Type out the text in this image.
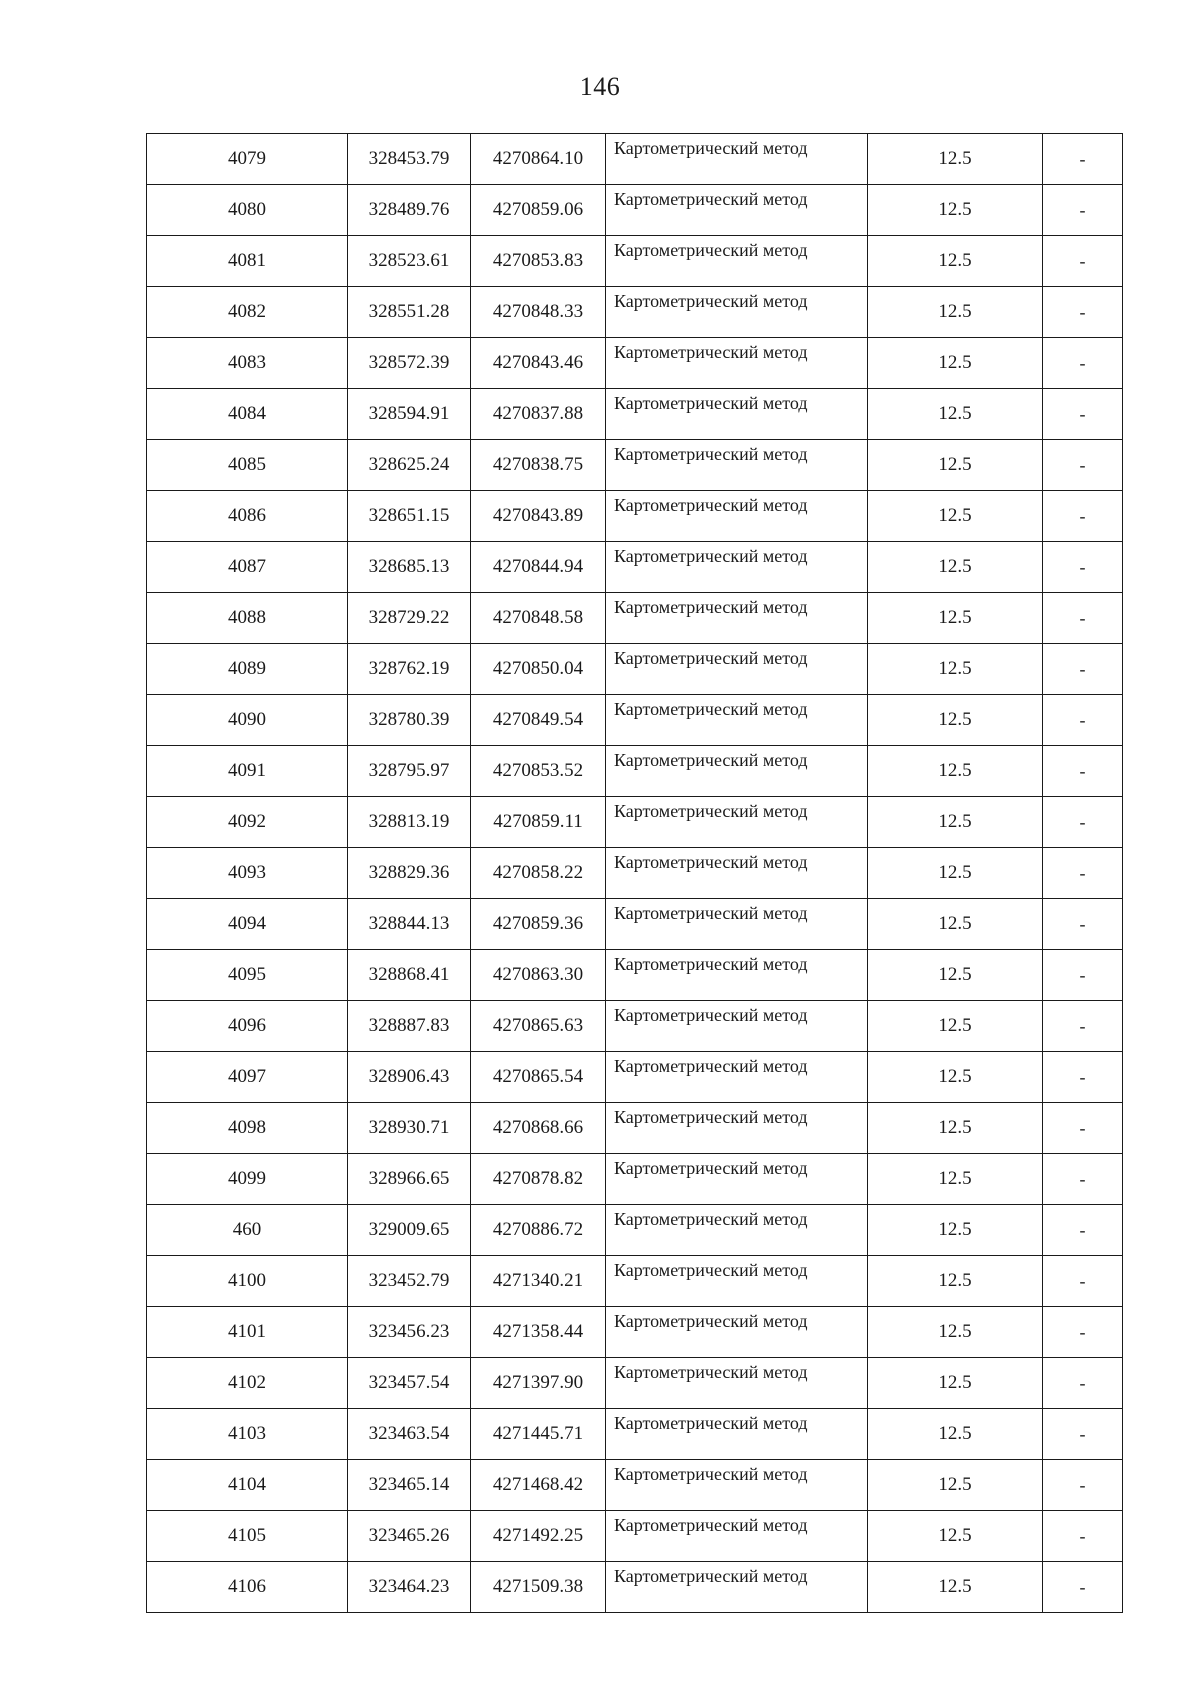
146
4079	328453.79	4270864.10	Картометрический метод	12.5	-
4080	328489.76	4270859.06	Картометрический метод	12.5	-
4081	328523.61	4270853.83	Картометрический метод	12.5	-
4082	328551.28	4270848.33	Картометрический метод	12.5	-
4083	328572.39	4270843.46	Картометрический метод	12.5	-
4084	328594.91	4270837.88	Картометрический метод	12.5	-
4085	328625.24	4270838.75	Картометрический метод	12.5	-
4086	328651.15	4270843.89	Картометрический метод	12.5	-
4087	328685.13	4270844.94	Картометрический метод	12.5	-
4088	328729.22	4270848.58	Картометрический метод	12.5	-
4089	328762.19	4270850.04	Картометрический метод	12.5	-
4090	328780.39	4270849.54	Картометрический метод	12.5	-
4091	328795.97	4270853.52	Картометрический метод	12.5	-
4092	328813.19	4270859.11	Картометрический метод	12.5	-
4093	328829.36	4270858.22	Картометрический метод	12.5	-
4094	328844.13	4270859.36	Картометрический метод	12.5	-
4095	328868.41	4270863.30	Картометрический метод	12.5	-
4096	328887.83	4270865.63	Картометрический метод	12.5	-
4097	328906.43	4270865.54	Картометрический метод	12.5	-
4098	328930.71	4270868.66	Картометрический метод	12.5	-
4099	328966.65	4270878.82	Картометрический метод	12.5	-
460	329009.65	4270886.72	Картометрический метод	12.5	-
4100	323452.79	4271340.21	Картометрический метод	12.5	-
4101	323456.23	4271358.44	Картометрический метод	12.5	-
4102	323457.54	4271397.90	Картометрический метод	12.5	-
4103	323463.54	4271445.71	Картометрический метод	12.5	-
4104	323465.14	4271468.42	Картометрический метод	12.5	-
4105	323465.26	4271492.25	Картометрический метод	12.5	-
4106	323464.23	4271509.38	Картометрический метод	12.5	-
